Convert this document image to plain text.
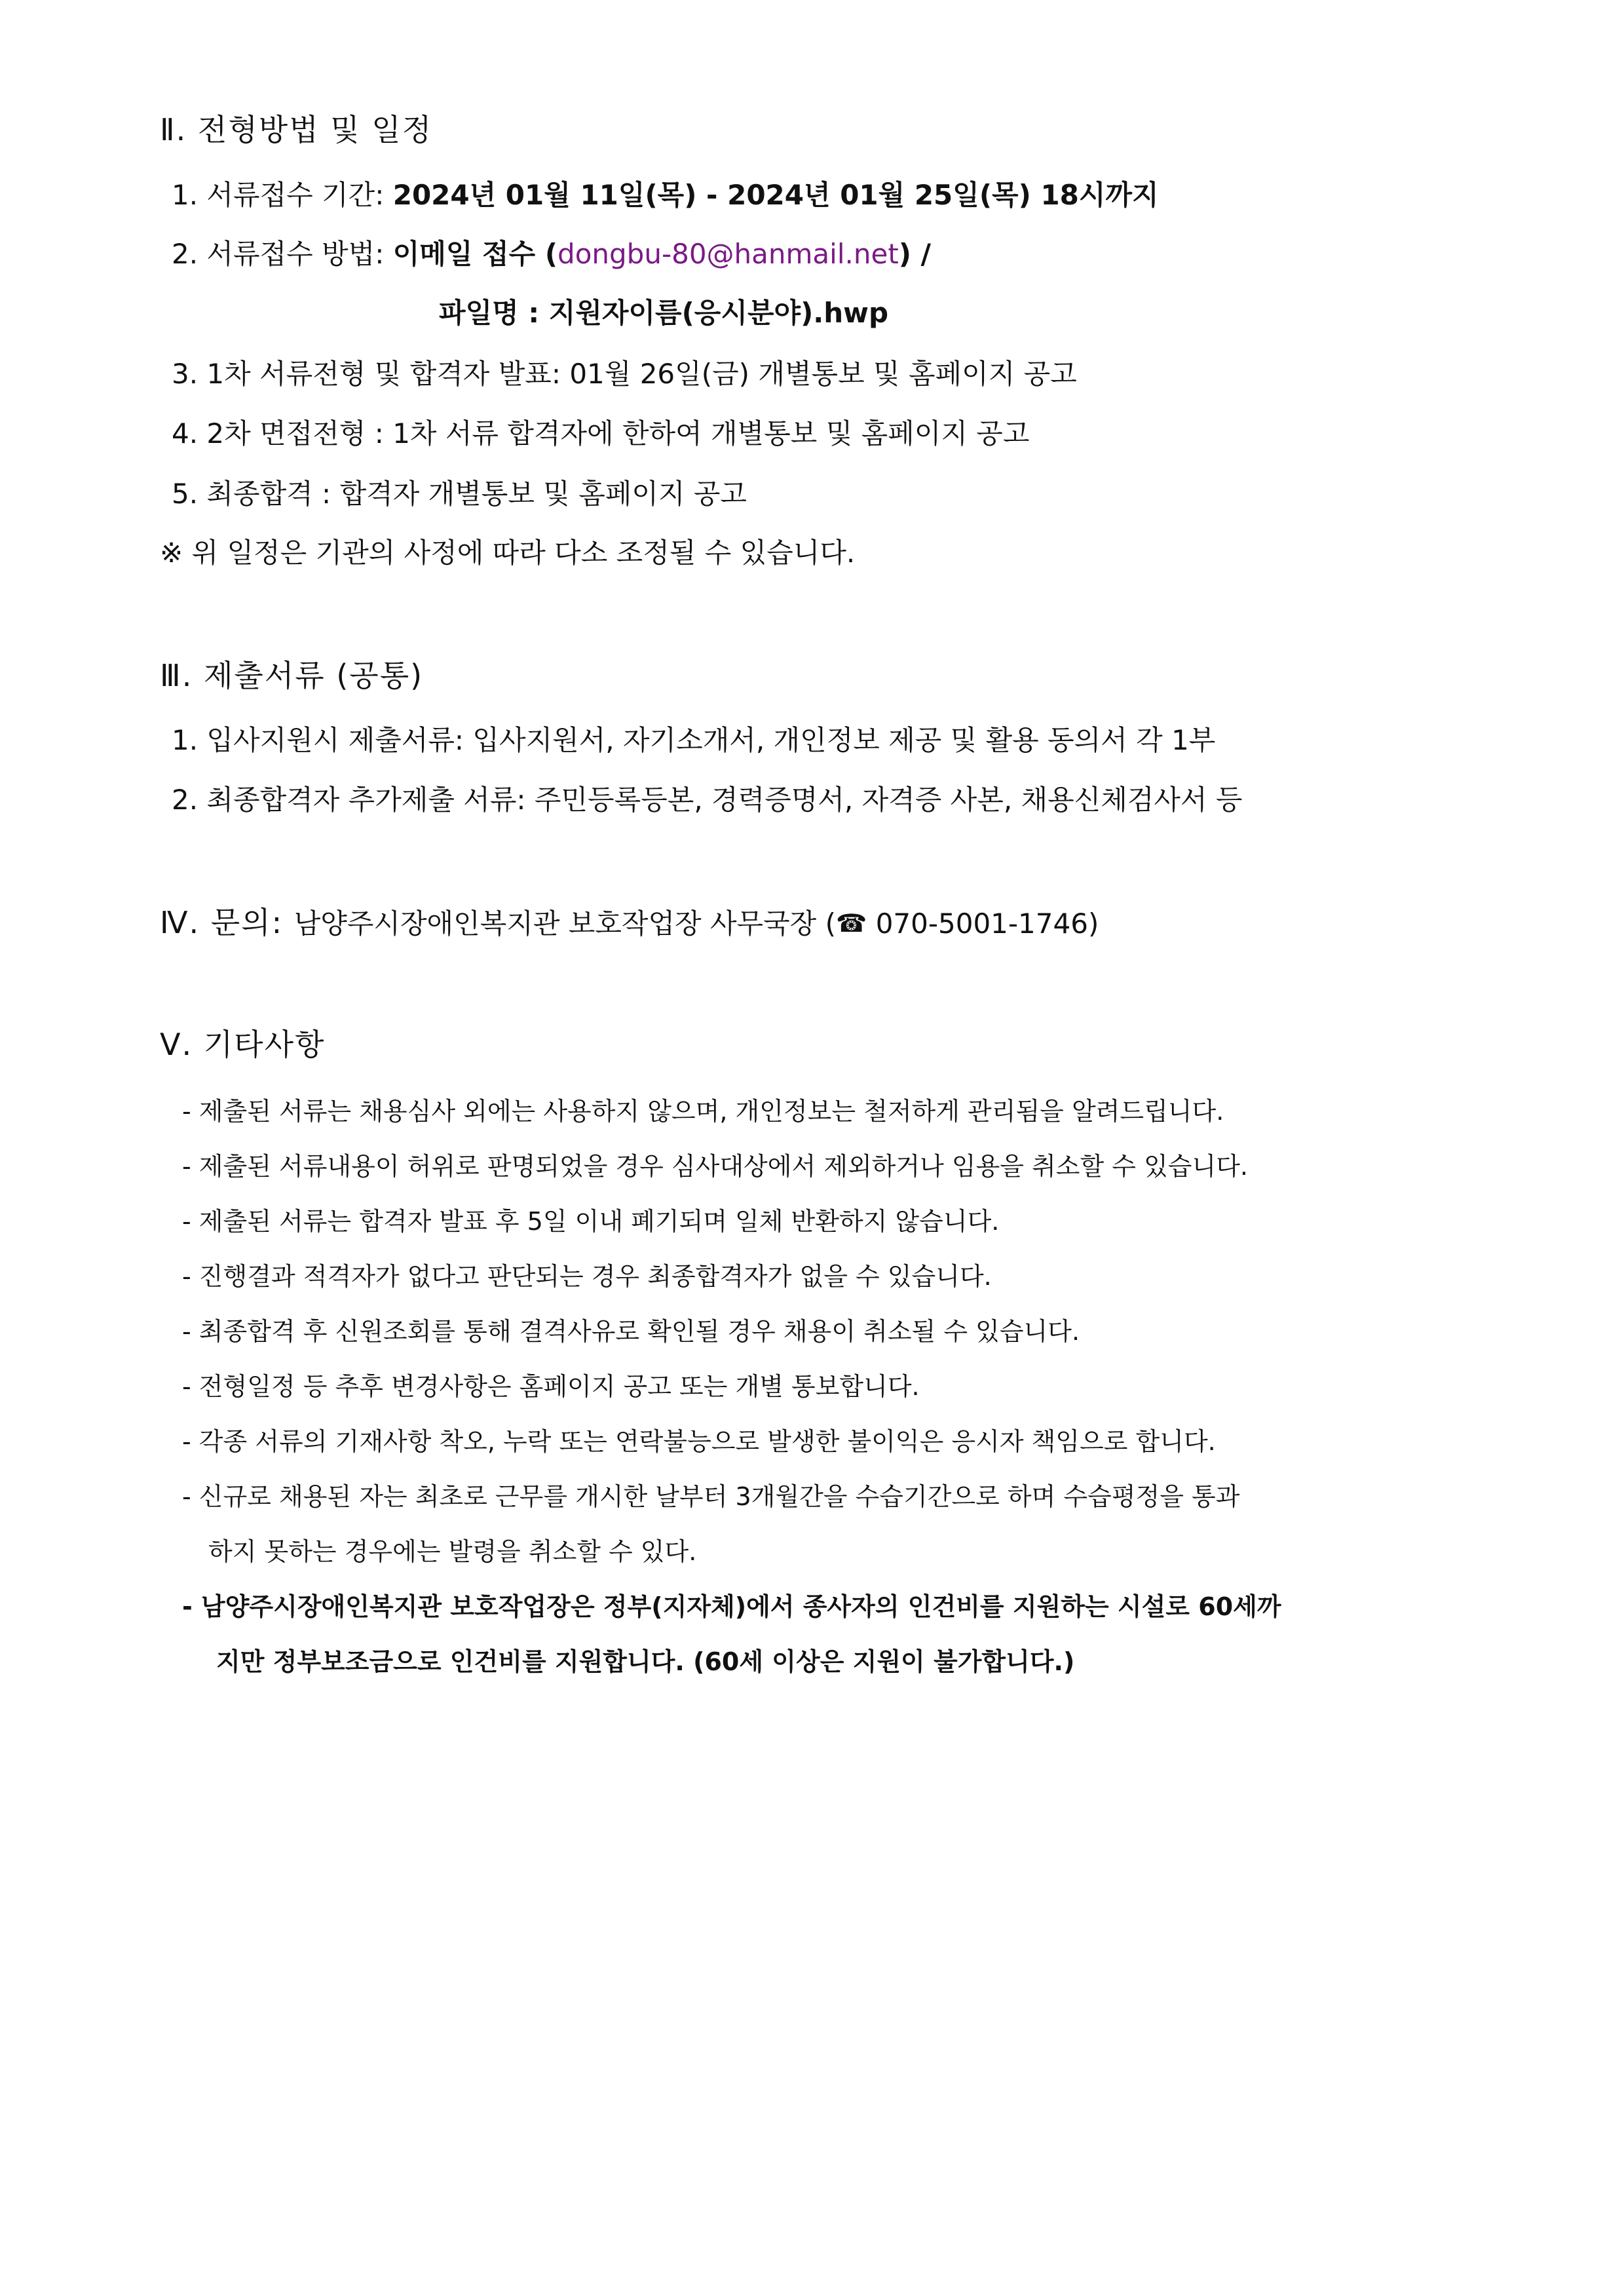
Ⅱ. 전형방법 및 일정
1. 서류접수 기간: 2024년 01월 11일(목) - 2024년 01월 25일(목) 18시까지
2. 서류접수 방법: 이메일 접수 (dongbu-80@hanmail.net) /
파일명 : 지원자이름(응시분야).hwp
3. 1차 서류전형 및 합격자 발표: 01월 26일(금) 개별통보 및 홈페이지 공고
4. 2차 면접전형 : 1차 서류 합격자에 한하여 개별통보 및 홈페이지 공고
5. 최종합격 : 합격자 개별통보 및 홈페이지 공고
※ 위 일정은 기관의 사정에 따라 다소 조정될 수 있습니다.
Ⅲ. 제출서류 (공통)
1. 입사지원시 제출서류: 입사지원서, 자기소개서, 개인정보 제공 및 활용 동의서 각 1부
2. 최종합격자 추가제출 서류: 주민등록등본, 경력증명서, 자격증 사본, 채용신체검사서 등
Ⅳ. 문의: 남양주시장애인복지관 보호작업장 사무국장 (☎ 070-5001-1746)
Ⅴ. 기타사항
- 제출된 서류는 채용심사 외에는 사용하지 않으며, 개인정보는 철저하게 관리됨을 알려드립니다.
- 제출된 서류내용이 허위로 판명되었을 경우 심사대상에서 제외하거나 임용을 취소할 수 있습니다.
- 제출된 서류는 합격자 발표 후 5일 이내 폐기되며 일체 반환하지 않습니다.
- 진행결과 적격자가 없다고 판단되는 경우 최종합격자가 없을 수 있습니다.
- 최종합격 후 신원조회를 통해 결격사유로 확인될 경우 채용이 취소될 수 있습니다.
- 전형일정 등 추후 변경사항은 홈페이지 공고 또는 개별 통보합니다.
- 각종 서류의 기재사항 착오, 누락 또는 연락불능으로 발생한 불이익은 응시자 책임으로 합니다.
- 신규로 채용된 자는 최초로 근무를 개시한 날부터 3개월간을 수습기간으로 하며 수습평정을 통과
하지 못하는 경우에는 발령을 취소할 수 있다.
- 남양주시장애인복지관 보호작업장은 정부(지자체)에서 종사자의 인건비를 지원하는 시설로 60세까
지만 정부보조금으로 인건비를 지원합니다. (60세 이상은 지원이 불가합니다.)
